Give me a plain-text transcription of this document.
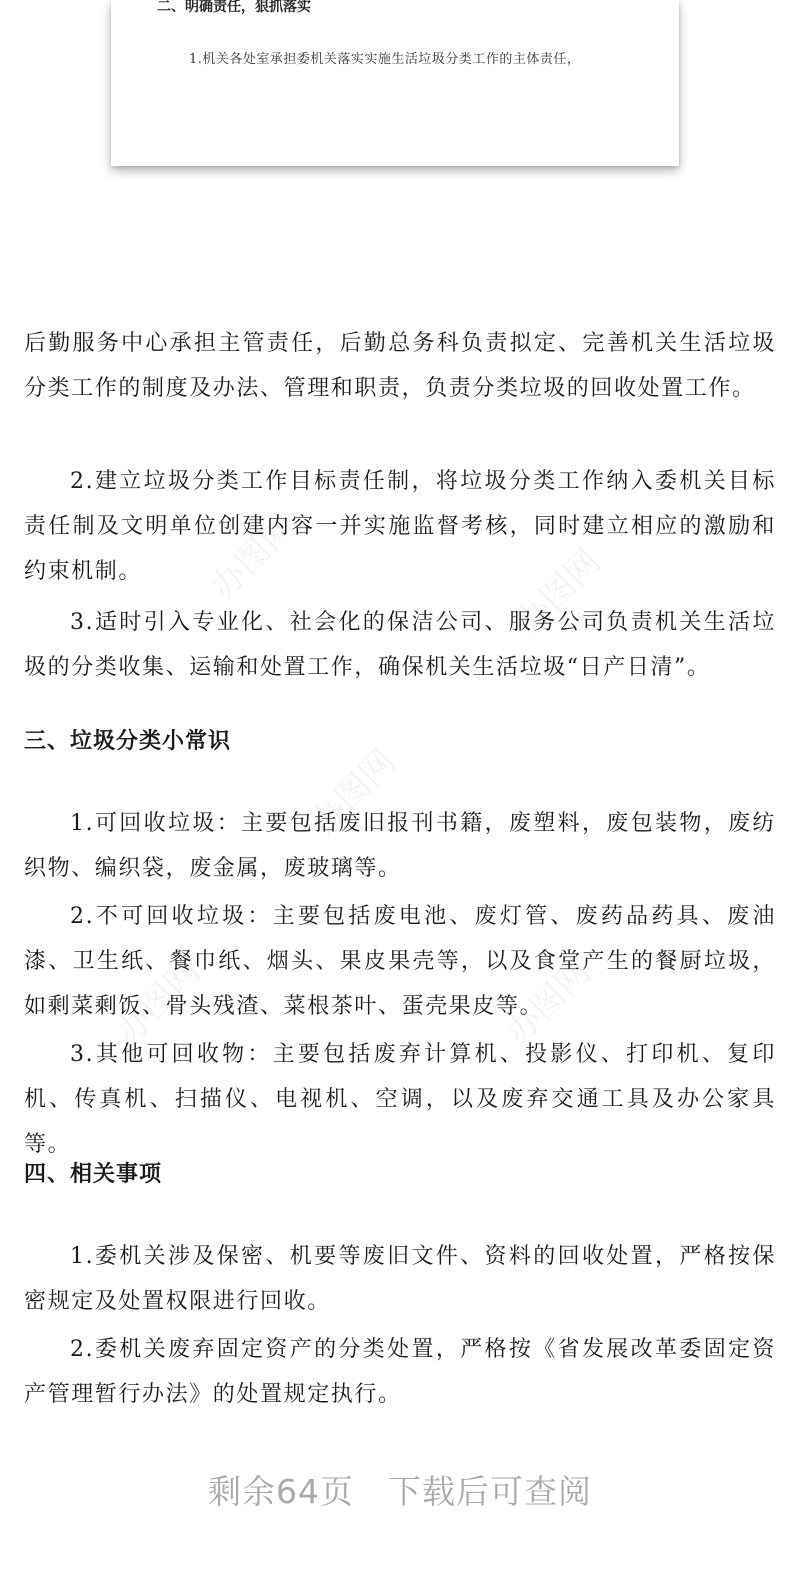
二、明确责任，狠抓落实
1.机关各处室承担委机关落实实施生活垃圾分类工作的主体责任，
办图网	办图网
办图网
办图网	办图网

后勤服务中心承担主管责任，后勤总务科负责拟定、完善机关生活垃圾分类工作的制度及办法、管理和职责，负责分类垃圾的回收处置工作。

2.建立垃圾分类工作目标责任制，将垃圾分类工作纳入委机关目标责任制及文明单位创建内容一并实施监督考核，同时建立相应的激励和约束机制。

3.适时引入专业化、社会化的保洁公司、服务公司负责机关生活垃圾的分类收集、运输和处置工作，确保机关生活垃圾“日产日清”。

三、垃圾分类小常识

1.可回收垃圾：主要包括废旧报刊书籍，废塑料，废包装物，废纺织物、编织袋，废金属，废玻璃等。

2.不可回收垃圾：主要包括废电池、废灯管、废药品药具、废油漆、卫生纸、餐巾纸、烟头、果皮果壳等，以及食堂产生的餐厨垃圾，如剩菜剩饭、骨头残渣、菜根茶叶、蛋壳果皮等。

3.其他可回收物：主要包括废弃计算机、投影仪、打印机、复印机、传真机、扫描仪、电视机、空调，以及废弃交通工具及办公家具等。

四、相关事项

1.委机关涉及保密、机要等废旧文件、资料的回收处置，严格按保密规定及处置权限进行回收。

2.委机关废弃固定资产的分类处置，严格按《省发展改革委固定资产管理暂行办法》的处置规定执行。

剩余64页 下载后可查阅
